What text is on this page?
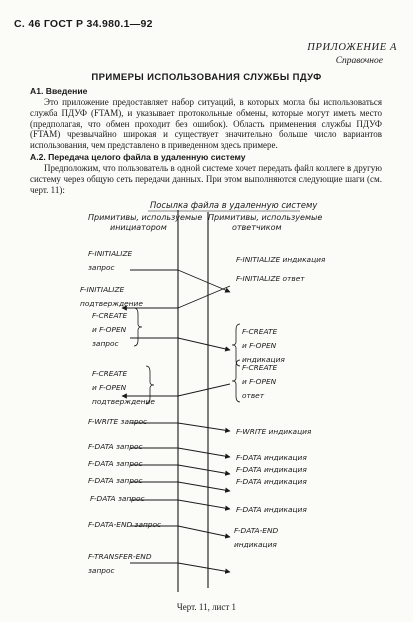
С. 46 ГОСТ Р 34.980.1—92
ПРИЛОЖЕНИЕ А
Справочное
ПРИМЕРЫ ИСПОЛЬЗОВАНИЯ СЛУЖБЫ ПДУФ
А1. Введение
Это приложение предоставляет набор ситуаций, в которых могла бы использоваться служба ПДУФ (FTAM), и указывает протокольные обмены, которые могут иметь место (предполагая, что обмен проходит без ошибок). Область применения службы ПДУФ (FTAM) чрезвычайно широкая и существует значительно больше число вариантов использования, чем представлено в приведенном здесь примере.
А.2. Передача целого файла в удаленную систему
Предположим, что пользователь в одной системе хочет передать файл коллеге в другую систему через общую сеть передачи данных. При этом выполняются следующие шаги (см. черт. 11):
Посылка файла в удаленную систему
Примитивы, используемые
инициатором
Примитивы, используемые
ответчиком
F-INITIALIZE
запрос
F-INITIALIZE
подтверждение
F-CREATE
и F-OPEN
запрос
F-CREATE
и F-OPEN
подтверждение
F-WRITE запрос
F-DATA запрос
F-DATA запрос
F-DATA запрос
F-DATA запрос
F-DATA-END запрос
F-TRANSFER-END
запрос
F-INITIALIZE индикация
F-INITIALIZE ответ
F-CREATE
и F-OPEN
индикация
F-CREATE
и F-OPEN
ответ
F-WRITE индикация
F-DATA индикация
F-DATA индикация
F-DATA индикация
F-DATA индикация
F-DATA-END
индикация
Черт. 11, лист 1
